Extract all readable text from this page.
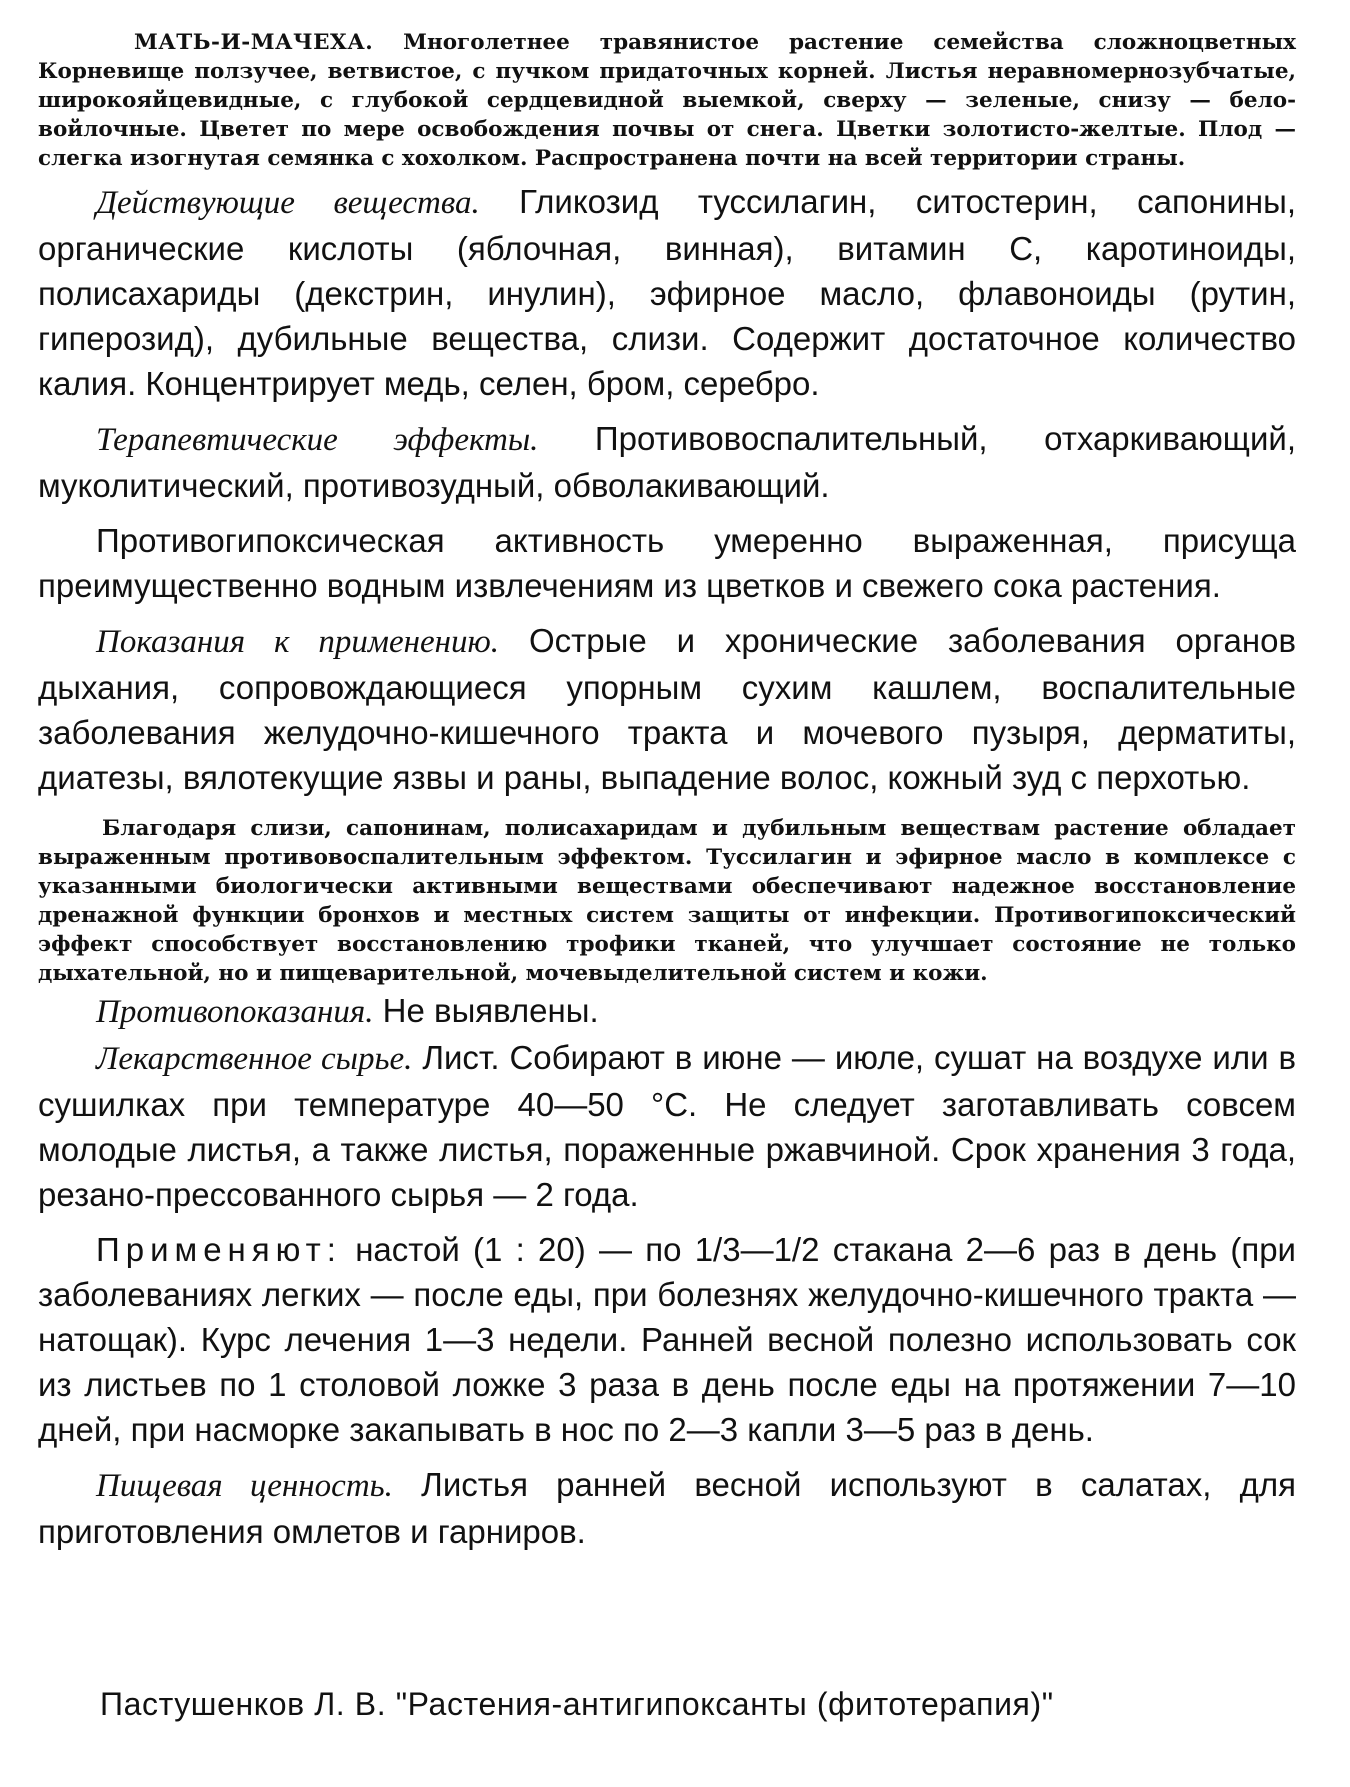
МАТЬ-И-МАЧЕХА. Многолетнее травянистое растение семейства сложноцветных Корневище ползучее, ветвистое, с пучком придаточных корней. Листья неравномернозубчатые, широкояйцевидные, с глубокой сердцевидной выемкой, сверху — зеленые, снизу — бело-войлочные. Цветет по мере освобождения почвы от снега. Цветки золотисто-желтые. Плод — слегка изогнутая семянка с хохолком. Распространена почти на всей территории страны.

Действующие вещества. Гликозид туссилагин, ситостерин, сапонины, органические кислоты (яблочная, винная), витамин С, каротиноиды, полисахариды (декстрин, инулин), эфирное масло, флавоноиды (рутин, гиперозид), дубильные вещества, слизи. Содержит достаточное количество калия. Концентрирует медь, селен, бром, серебро.

Терапевтические эффекты. Противовоспалительный, отхаркивающий, муколитический, противозудный, обволакивающий.

Противогипоксическая активность умеренно выраженная, присуща преимущественно водным извлечениям из цветков и свежего сока растения.

Показания к применению. Острые и хронические заболевания органов дыхания, сопровождающиеся упорным сухим кашлем, воспалительные заболевания желудочно-кишечного тракта и мочевого пузыря, дерматиты, диатезы, вялотекущие язвы и раны, выпадение волос, кожный зуд с перхотью.

Благодаря слизи, сапонинам, полисахаридам и дубильным веществам растение обладает выраженным противовоспалительным эффектом. Туссилагин и эфирное масло в комплексе с указанными биологически активными веществами обеспечивают надежное восстановление дренажной функции бронхов и местных систем защиты от инфекции. Противогипоксический эффект способствует восстановлению трофики тканей, что улучшает состояние не только дыхательной, но и пищеварительной, мочевыделительной систем и кожи.

Противопоказания. Не выявлены.

Лекарственное сырье. Лист. Собирают в июне — июле, сушат на воздухе или в сушилках при температуре 40—50 °С. Не следует заготавливать совсем молодые листья, а также листья, пораженные ржавчиной. Срок хранения 3 года, резано-прессованного сырья — 2 года.

Применяют: настой (1 : 20) — по 1/3—1/2 стакана 2—6 раз в день (при заболеваниях легких — после еды, при болезнях желудочно-кишечного тракта — натощак). Курс лечения 1—3 недели. Ранней весной полезно использовать сок из листьев по 1 столовой ложке 3 раза в день после еды на протяжении 7—10 дней, при насморке закапывать в нос по 2—3 капли 3—5 раз в день.

Пищевая ценность. Листья ранней весной используют в салатах, для приготовления омлетов и гарниров.

Пастушенков Л. В. "Растения-антигипоксанты (фитотерапия)"
